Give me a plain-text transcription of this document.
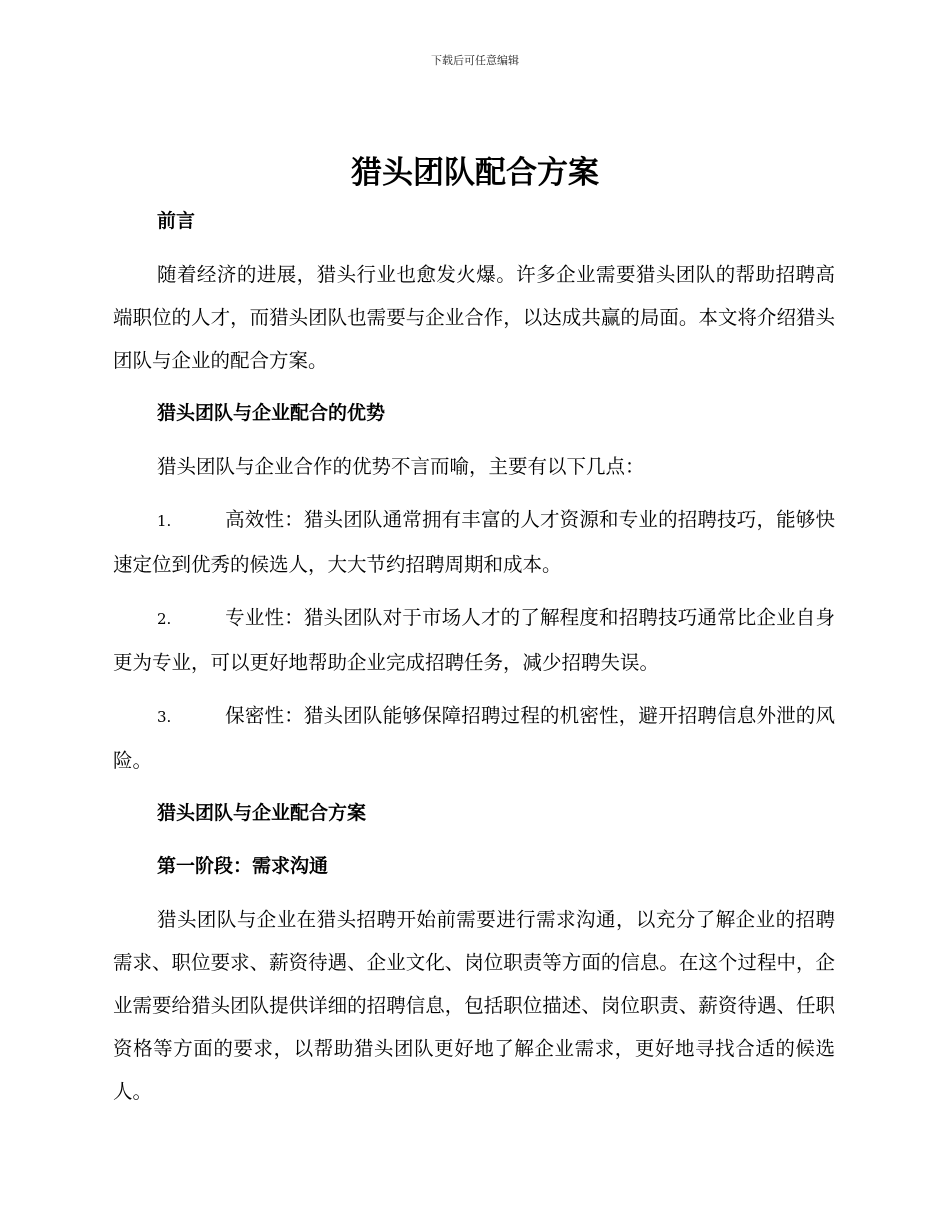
下载后可任意编辑
猎头团队配合方案
前言

随着经济的进展，猎头行业也愈发火爆。许多企业需要猎头团队的帮助招聘高端职位的人才，而猎头团队也需要与企业合作，以达成共赢的局面。本文将介绍猎头团队与企业的配合方案。

猎头团队与企业配合的优势

猎头团队与企业合作的优势不言而喻，主要有以下几点：

1.	高效性：猎头团队通常拥有丰富的人才资源和专业的招聘技巧，能够快速定位到优秀的候选人，大大节约招聘周期和成本。
2.	专业性：猎头团队对于市场人才的了解程度和招聘技巧通常比企业自身更为专业，可以更好地帮助企业完成招聘任务，减少招聘失误。
3.	保密性：猎头团队能够保障招聘过程的机密性，避开招聘信息外泄的风险。
猎头团队与企业配合方案
第一阶段：需求沟通

猎头团队与企业在猎头招聘开始前需要进行需求沟通，以充分了解企业的招聘需求、职位要求、薪资待遇、企业文化、岗位职责等方面的信息。在这个过程中，企业需要给猎头团队提供详细的招聘信息，包括职位描述、岗位职责、薪资待遇、任职资格等方面的要求，以帮助猎头团队更好地了解企业需求，更好地寻找合适的候选人。
